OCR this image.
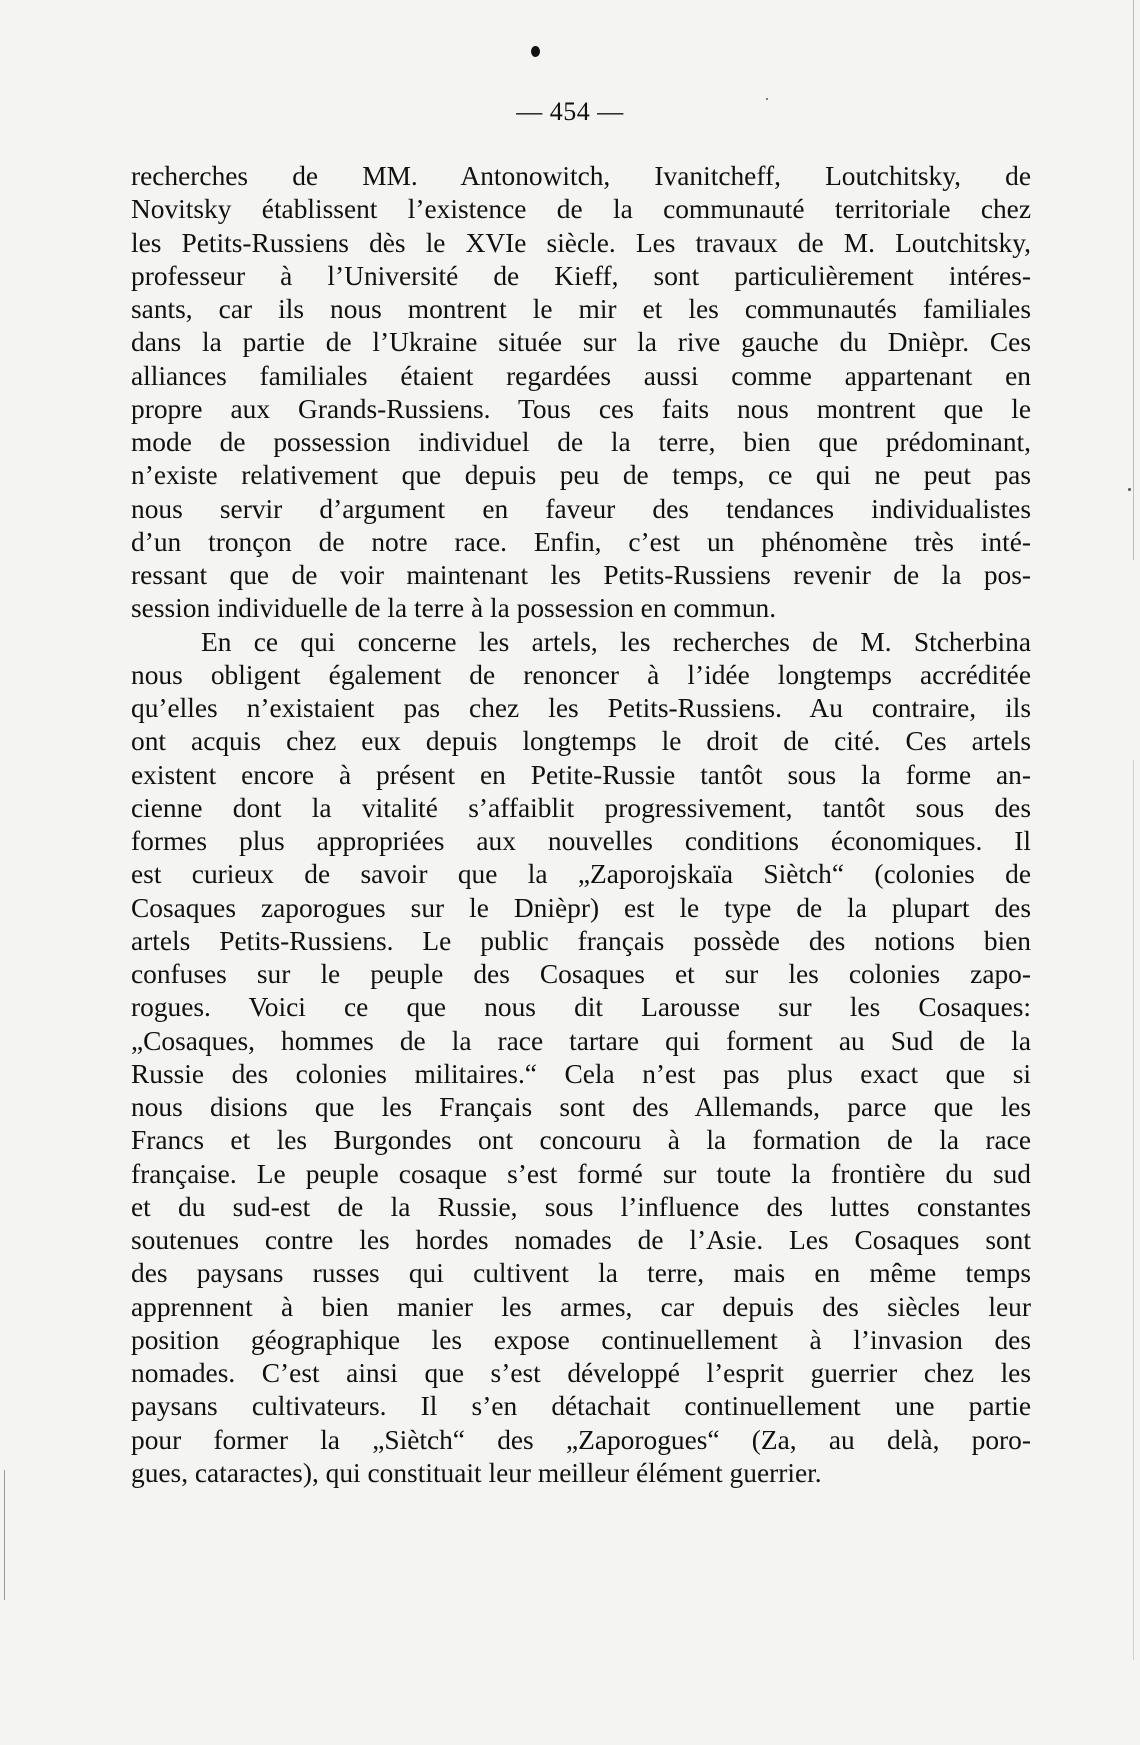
— 454 —
recherches de MM. Antonowitch, Ivanitcheff, Loutchitsky, de
Novitsky établissent l’existence de la communauté territoriale chez
les Petits-Russiens dès le XVIe siècle. Les travaux de M. Loutchitsky,
professeur à l’Université de Kieff, sont particulièrement intéres-
sants, car ils nous montrent le mir et les communautés familiales
dans la partie de l’Ukraine située sur la rive gauche du Dnièpr. Ces
alliances familiales étaient regardées aussi comme appartenant en
propre aux Grands-Russiens. Tous ces faits nous montrent que le
mode de possession individuel de la terre, bien que prédominant,
n’existe relativement que depuis peu de temps, ce qui ne peut pas
nous servir d’argument en faveur des tendances individualistes
d’un tronçon de notre race. Enfin, c’est un phénomène très inté-
ressant que de voir maintenant les Petits-Russiens revenir de la pos-
session individuelle de la terre à la possession en commun.
En ce qui concerne les artels, les recherches de M. Stcherbina
nous obligent également de renoncer à l’idée longtemps accréditée
qu’elles n’existaient pas chez les Petits-Russiens. Au contraire, ils
ont acquis chez eux depuis longtemps le droit de cité. Ces artels
existent encore à présent en Petite-Russie tantôt sous la forme an-
cienne dont la vitalité s’affaiblit progressivement, tantôt sous des
formes plus appropriées aux nouvelles conditions économiques. Il
est curieux de savoir que la „Zaporojskaïa Siètch“ (colonies de
Cosaques zaporogues sur le Dnièpr) est le type de la plupart des
artels Petits-Russiens. Le public français possède des notions bien
confuses sur le peuple des Cosaques et sur les colonies zapo-
rogues. Voici ce que nous dit Larousse sur les Cosaques:
„Cosaques, hommes de la race tartare qui forment au Sud de la
Russie des colonies militaires.“ Cela n’est pas plus exact que si
nous disions que les Français sont des Allemands, parce que les
Francs et les Burgondes ont concouru à la formation de la race
française. Le peuple cosaque s’est formé sur toute la frontière du sud
et du sud-est de la Russie, sous l’influence des luttes constantes
soutenues contre les hordes nomades de l’Asie. Les Cosaques sont
des paysans russes qui cultivent la terre, mais en même temps
apprennent à bien manier les armes, car depuis des siècles leur
position géographique les expose continuellement à l’invasion des
nomades. C’est ainsi que s’est développé l’esprit guerrier chez les
paysans cultivateurs. Il s’en détachait continuellement une partie
pour former la „Siètch“ des „Zaporogues“ (Za, au delà, poro-
gues, cataractes), qui constituait leur meilleur élément guerrier.
